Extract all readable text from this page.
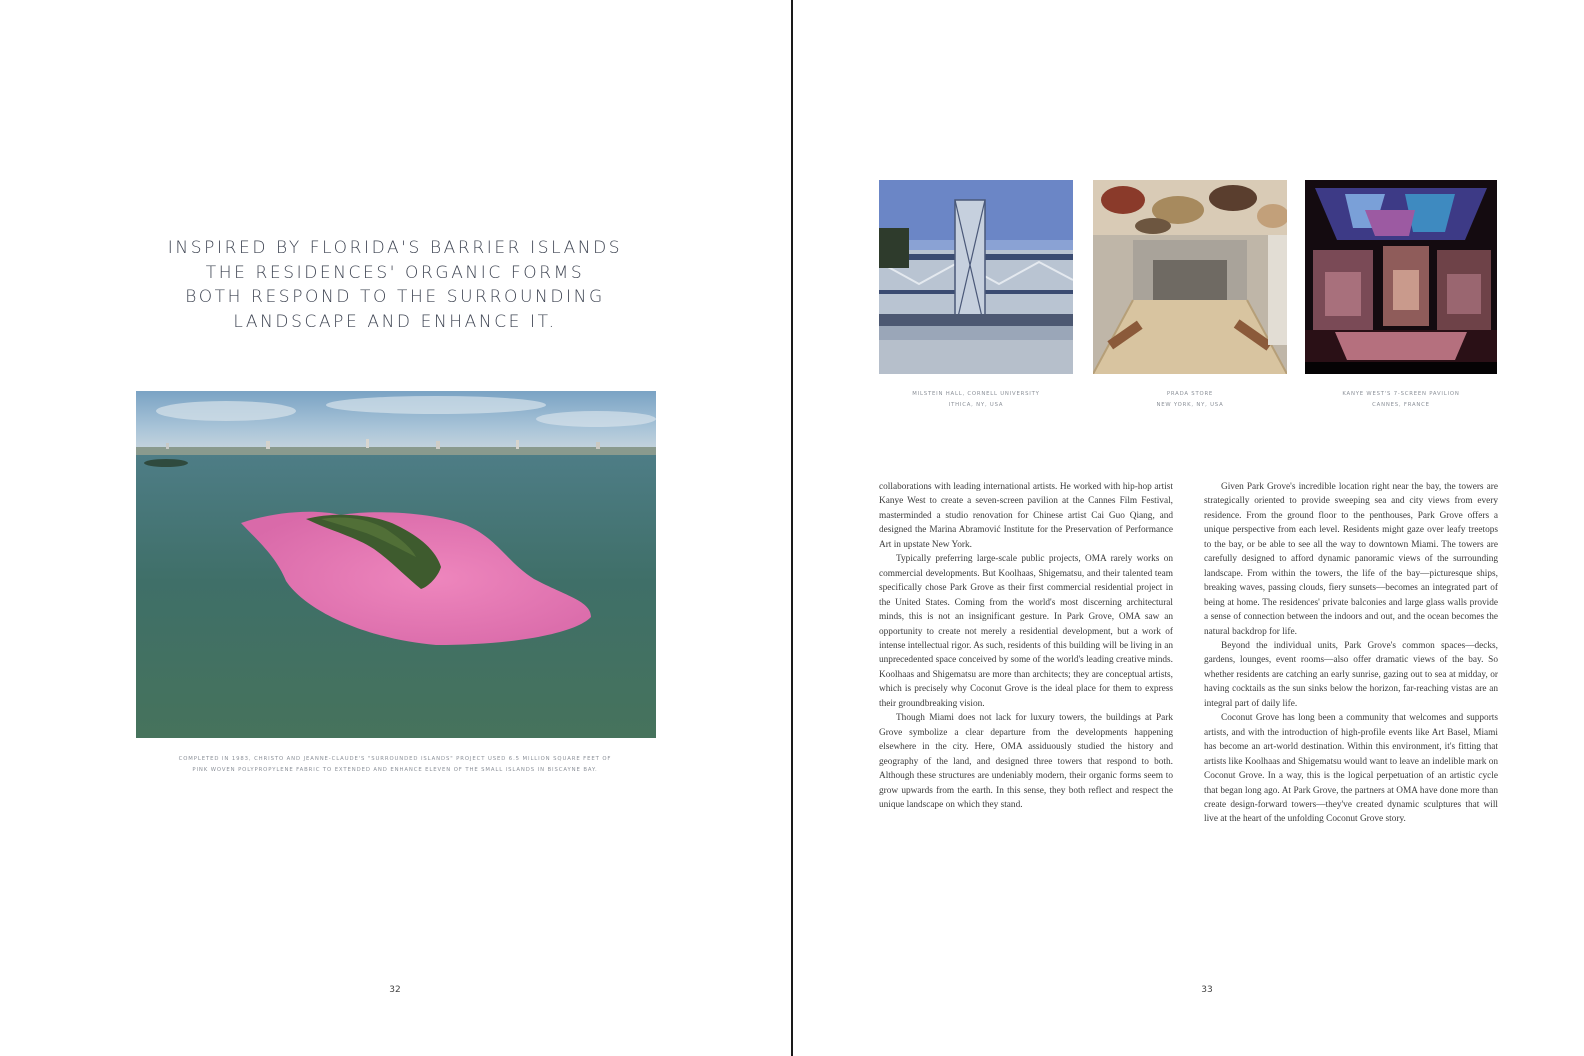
INSPIRED BY FLORIDA'S BARRIER ISLANDS
THE RESIDENCES' ORGANIC FORMS
BOTH RESPOND TO THE SURROUNDING
LANDSCAPE AND ENHANCE IT.
COMPLETED IN 1983, CHRISTO AND JEANNE-CLAUDE'S "SURROUNDED ISLANDS" PROJECT USED 6.5 MILLION SQUARE FEET OF
PINK WOVEN POLYPROPYLENE FABRIC TO EXTENDED AND ENHANCE ELEVEN OF THE SMALL ISLANDS IN BISCAYNE BAY.
32
MILSTEIN HALL, CORNELL UNIVERSITY
ITHICA, NY, USA
PRADA STORE
NEW YORK, NY, USA
KANYE WEST'S 7-SCREEN PAVILION
CANNES, FRANCE

collaborations with leading international artists. He worked with hip-hop artist Kanye West to create a seven-screen pavilion at the Cannes Film Festival, masterminded a studio renovation for Chinese artist Cai Guo Qiang, and designed the Marina Abramović Institute for the Preservation of Performance Art in upstate New York.

Typically preferring large-scale public projects, OMA rarely works on commercial developments. But Koolhaas, Shigematsu, and their talented team specifically chose Park Grove as their first commercial residential project in the United States. Coming from the world's most discerning architectural minds, this is not an insignificant gesture. In Park Grove, OMA saw an opportunity to create not merely a residential development, but a work of intense intellectual rigor. As such, residents of this building will be living in an unprecedented space conceived by some of the world's leading creative minds. Koolhaas and Shigematsu are more than architects; they are conceptual artists, which is precisely why Coconut Grove is the ideal place for them to express their groundbreaking vision.

Though Miami does not lack for luxury towers, the buildings at Park Grove symbolize a clear departure from the developments happening elsewhere in the city. Here, OMA assiduously studied the history and geography of the land, and designed three towers that respond to both. Although these structures are undeniably modern, their organic forms seem to grow upwards from the earth. In this sense, they both reflect and respect the unique landscape on which they stand.

Given Park Grove's incredible location right near the bay, the towers are strategically oriented to provide sweeping sea and city views from every residence. From the ground floor to the penthouses, Park Grove offers a unique perspective from each level. Residents might gaze over leafy treetops to the bay, or be able to see all the way to downtown Miami. The towers are carefully designed to afford dynamic panoramic views of the surrounding landscape. From within the towers, the life of the bay—picturesque ships, breaking waves, passing clouds, fiery sunsets—becomes an integrated part of being at home. The residences' private balconies and large glass walls provide a sense of connection between the indoors and out, and the ocean becomes the natural backdrop for life.

Beyond the individual units, Park Grove's common spaces—decks, gardens, lounges, event rooms—also offer dramatic views of the bay. So whether residents are catching an early sunrise, gazing out to sea at midday, or having cocktails as the sun sinks below the horizon, far-reaching vistas are an integral part of daily life.

Coconut Grove has long been a community that welcomes and supports artists, and with the introduction of high-profile events like Art Basel, Miami has become an art-world destination. Within this environment, it's fitting that artists like Koolhaas and Shigematsu would want to leave an indelible mark on Coconut Grove. In a way, this is the logical perpetuation of an artistic cycle that began long ago. At Park Grove, the partners at OMA have done more than create design-forward towers—they've created dynamic sculptures that will live at the heart of the unfolding Coconut Grove story.

33
